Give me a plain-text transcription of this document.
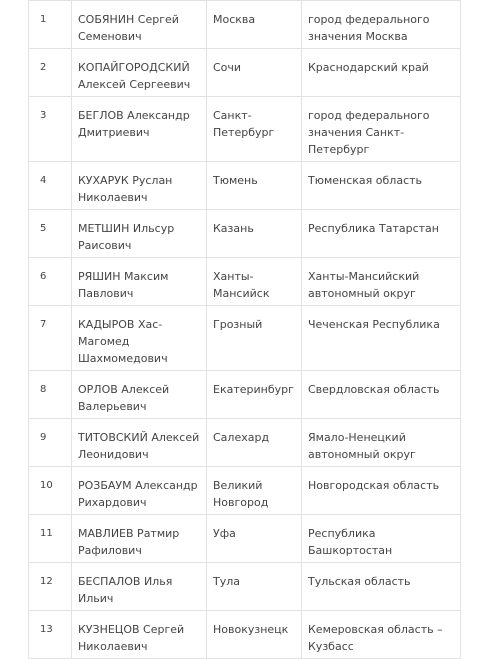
1	СОБЯНИН Сергей Семенович	Москва	город федерального значения Москва
2	КОПАЙГОРОДСКИЙ Алексей Сергеевич	Сочи	Краснодарский край
3	БЕГЛОВ Александр Дмитриевич	Санкт-Петербург	город федерального значения Санкт-Петербург
4	КУХАРУК Руслан Николаевич	Тюмень	Тюменская область
5	МЕТШИН Ильсур Раисович	Казань	Республика Татарстан
6	РЯШИН Максим Павлович	Ханты-Мансийск	Ханты-Мансийский автономный округ
7	КАДЫРОВ Хас-Магомед Шахмомедович	Грозный	Чеченская Республика
8	ОРЛОВ Алексей Валерьевич	Екатеринбург	Свердловская область
9	ТИТОВСКИЙ Алексей Леонидович	Салехард	Ямало-Ненецкий автономный округ
10	РОЗБАУМ Александр Рихардович	Великий Новгород	Новгородская область
11	МАВЛИЕВ Ратмир Рафилович	Уфа	Республика Башкортостан
12	БЕСПАЛОВ Илья Ильич	Тула	Тульская область
13	КУЗНЕЦОВ Сергей Николаевич	Новокузнецк	Кемеровская область – Кузбасс
